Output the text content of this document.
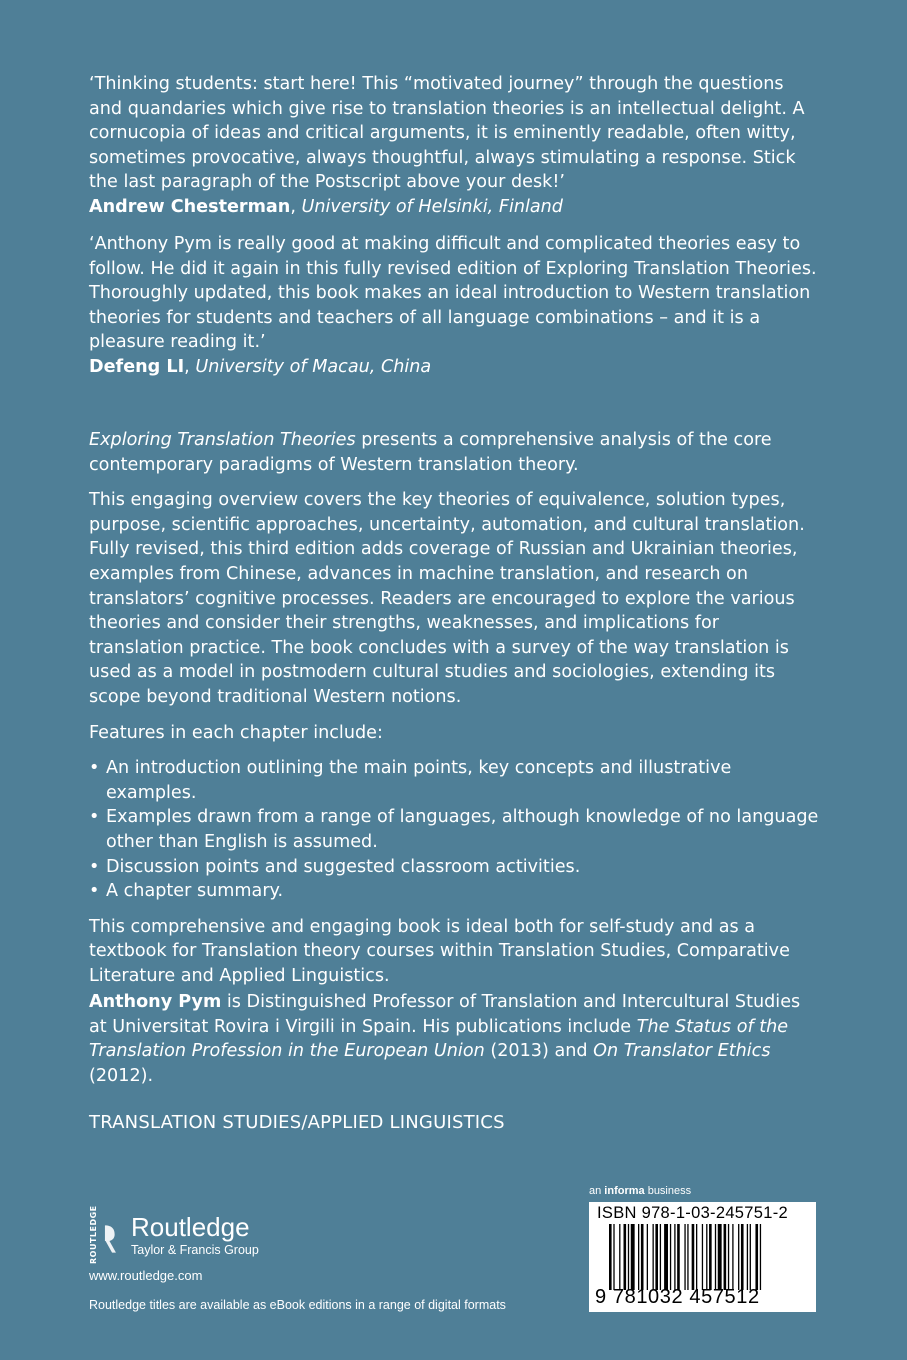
‘Thinking students: start here! This “motivated journey” through the questions and quandaries which give rise to translation theories is an intellectual delight. A cornucopia of ideas and critical arguments, it is eminently readable, often witty, sometimes provocative, always thoughtful, always stimulating a response. Stick the last paragraph of the Postscript above your desk!’

Andrew Chesterman, University of Helsinki, Finland

‘Anthony Pym is really good at making difficult and complicated theories easy to follow. He did it again in this fully revised edition of Exploring Translation Theories. Thoroughly updated, this book makes an ideal introduction to Western translation theories for students and teachers of all language combinations – and it is a pleasure reading it.’

Defeng LI, University of Macau, China

Exploring Translation Theories presents a comprehensive analysis of the core contemporary paradigms of Western translation theory.

This engaging overview covers the key theories of equivalence, solution types, purpose, scientific approaches, uncertainty, automation, and cultural translation. Fully revised, this third edition adds coverage of Russian and Ukrainian theories, examples from Chinese, advances in machine translation, and research on translators’ cognitive processes. Readers are encouraged to explore the various theories and consider their strengths, weaknesses, and implications for translation practice. The book concludes with a survey of the way translation is used as a model in postmodern cultural studies and sociologies, extending its scope beyond traditional Western notions.

Features in each chapter include:

• An introduction outlining the main points, key concepts and illustrative examples.
• Examples drawn from a range of languages, although knowledge of no language other than English is assumed.
• Discussion points and suggested classroom activities.
• A chapter summary.

This comprehensive and engaging book is ideal both for self-study and as a textbook for Translation theory courses within Translation Studies, Comparative Literature and Applied Linguistics.

Anthony Pym is Distinguished Professor of Translation and Intercultural Studies at Universitat Rovira i Virgili in Spain. His publications include The Status of the Translation Profession in the European Union (2013) and On Translator Ethics (2012).

TRANSLATION STUDIES/APPLIED LINGUISTICS
ROUTLEDGE Routledge
Taylor & Francis Group
www.routledge.com
Routledge titles are available as eBook editions in a range of digital formats
an informa business
ISBN 978-1-03-245751-2
9 781032 457512
